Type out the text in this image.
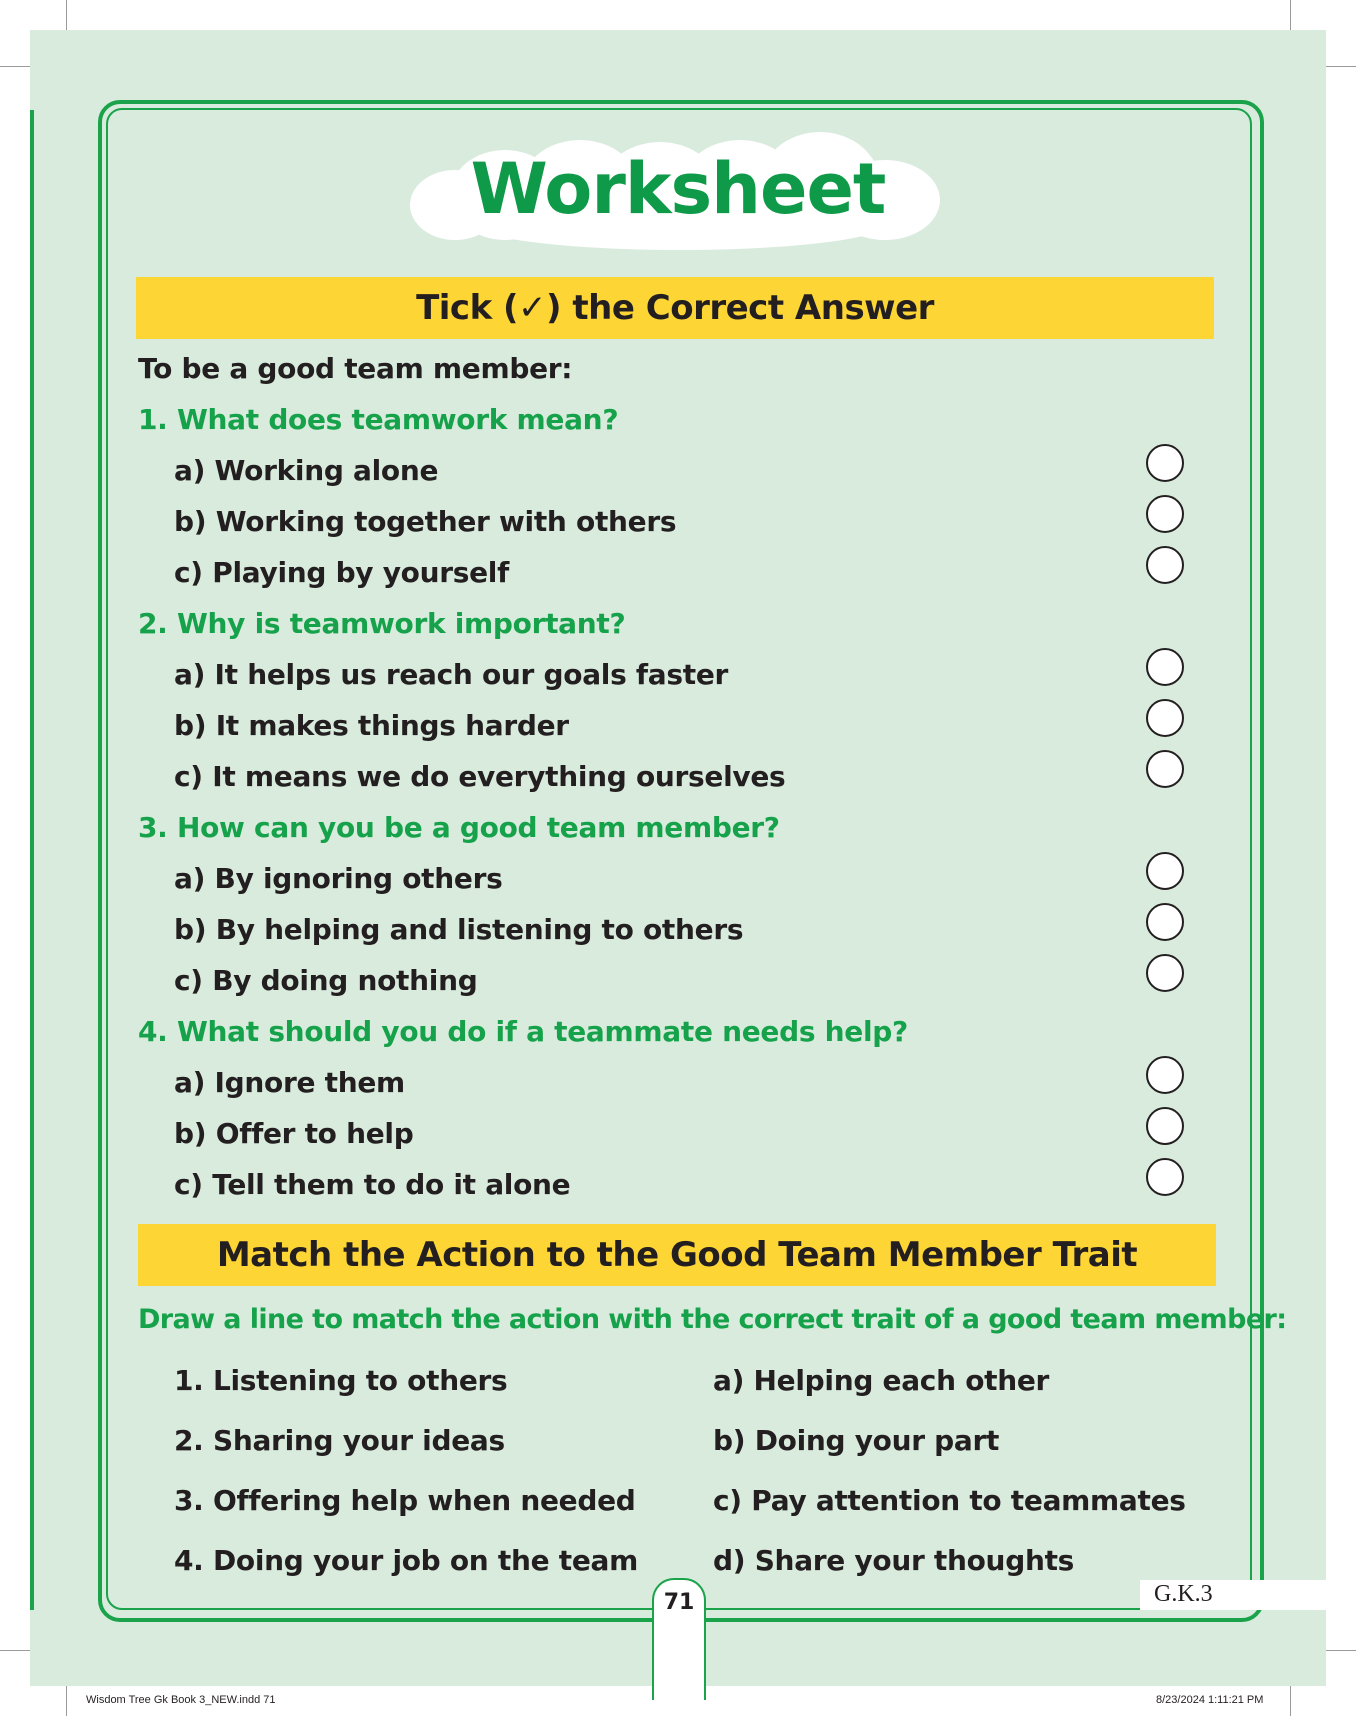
Worksheet
Tick (✓) the Correct Answer
To be a good team member:
1. What does teamwork mean?
a) Working alone
b) Working together with others
c) Playing by yourself
2. Why is teamwork important?
a) It helps us reach our goals faster
b) It makes things harder
c) It means we do everything ourselves
3. How can you be a good team member?
a) By ignoring others
b) By helping and listening to others
c) By doing nothing
4. What should you do if a teammate needs help?
a) Ignore them
b) Offer to help
c) Tell them to do it alone
Match the Action to the Good Team Member Trait
Draw a line to match the action with the correct trait of a good team member:
1. Listening to others
2. Sharing your ideas
3. Offering help when needed
4. Doing your job on the team
a) Helping each other
b) Doing your part
c) Pay attention to teammates
d) Share your thoughts
71	G.K.3
Wisdom Tree Gk Book 3_NEW.indd 71	8/23/2024 1:11:21 PM
